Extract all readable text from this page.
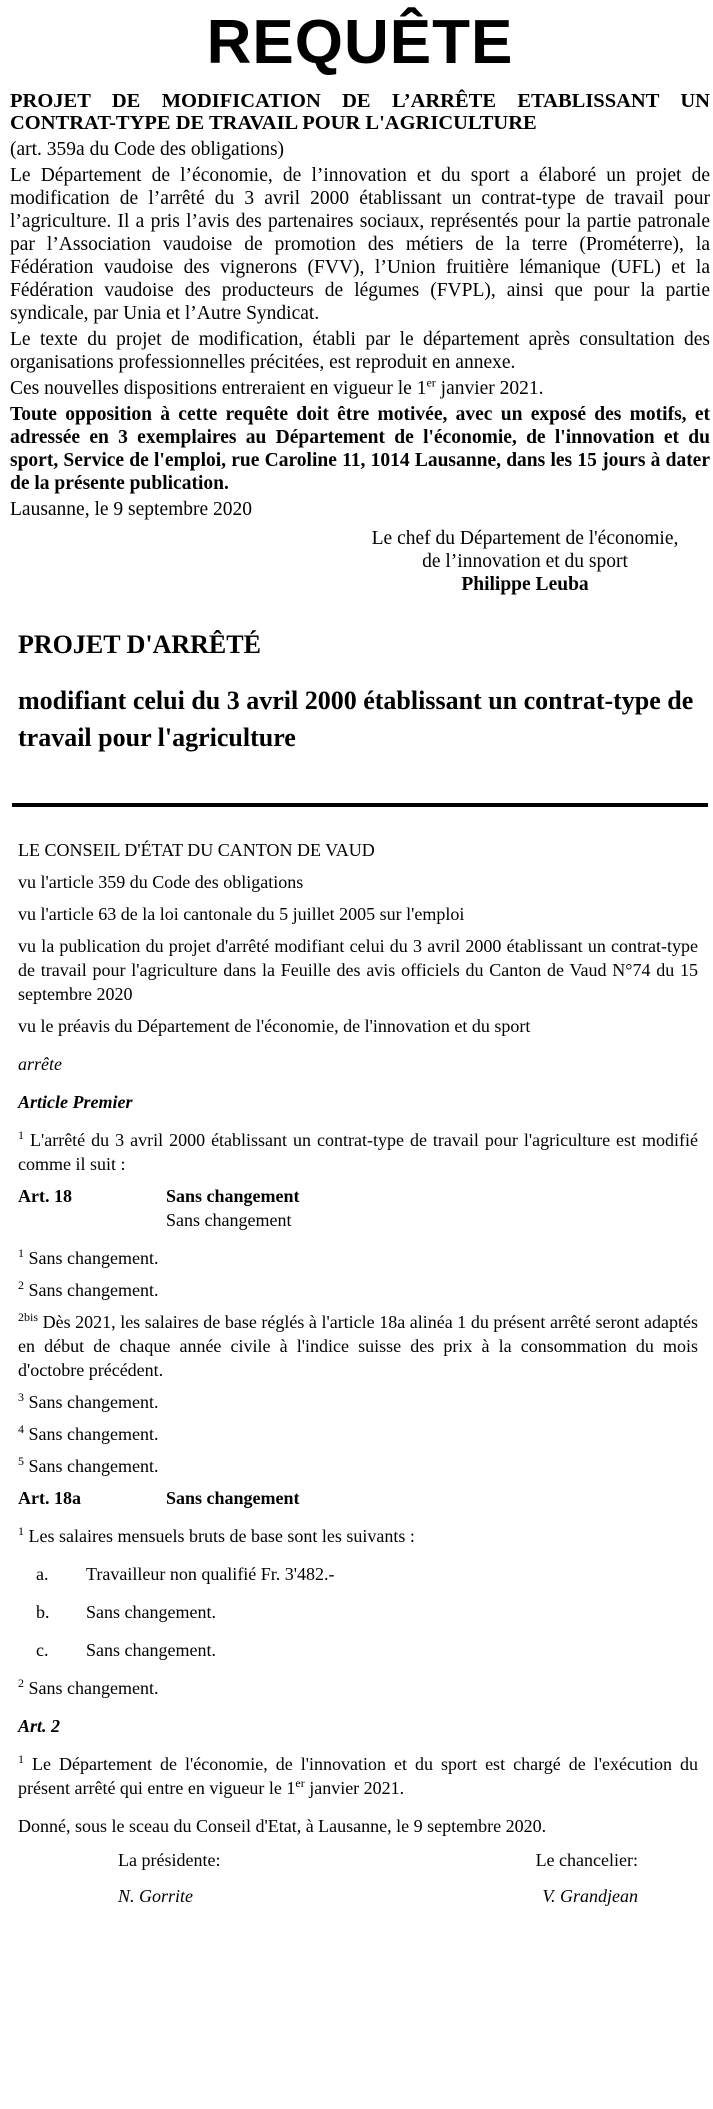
REQUÊTE
PROJET DE MODIFICATION DE L’ARRÊTE ETABLISSANT UN CONTRAT-TYPE DE TRAVAIL POUR L'AGRICULTURE
(art. 359a du Code des obligations)
Le Département de l’économie, de l’innovation et du sport a élaboré un projet de modification de l’arrêté du 3 avril 2000 établissant un contrat-type de travail pour l’agriculture. Il a pris l’avis des partenaires sociaux, représentés pour la partie patronale par l’Association vaudoise de promotion des métiers de la terre (Prométerre), la Fédération vaudoise des vignerons (FVV), l’Union fruitière lémanique (UFL) et la Fédération vaudoise des producteurs de légumes (FVPL), ainsi que pour la partie syndicale, par Unia et l’Autre Syndicat.
Le texte du projet de modification, établi par le département après consultation des organisations professionnelles précitées, est reproduit en annexe.
Ces nouvelles dispositions entreraient en vigueur le 1er janvier 2021.
Toute opposition à cette requête doit être motivée, avec un exposé des motifs, et adressée en 3 exemplaires au Département de l'économie, de l'innovation et du sport, Service de l'emploi, rue Caroline 11, 1014 Lausanne, dans les 15 jours à dater de la présente publication.
Lausanne, le 9 septembre 2020
Le chef du Département de l'économie,
de l’innovation et du sport
Philippe Leuba
PROJET D'ARRÊTÉ
modifiant celui du 3 avril 2000 établissant un contrat-type de travail pour l'agriculture
LE CONSEIL D'ÉTAT DU CANTON DE VAUD
vu l'article 359 du Code des obligations
vu l'article 63 de la loi cantonale du 5 juillet 2005 sur l'emploi
vu la publication du projet d'arrêté modifiant celui du 3 avril 2000 établissant un contrat-type de travail pour l'agriculture dans la Feuille des avis officiels du Canton de Vaud N°74 du 15 septembre 2020
vu le préavis du Département de l'économie, de l'innovation et du sport
arrête
Article Premier
$^1$ L'arrêté du 3 avril 2000 établissant un contrat-type de travail pour l'agriculture est modifié comme il suit :
Art. 18	Sans changement
Sans changement
$^1$ Sans changement.
$^2$ Sans changement.
$^{2bis}$ Dès 2021, les salaires de base réglés à l'article 18a alinéa 1 du présent arrêté seront adaptés en début de chaque année civile à l'indice suisse des prix à la consommation du mois d'octobre précédent.
$^3$ Sans changement.
$^4$ Sans changement.
$^5$ Sans changement.
Art. 18a	Sans changement
$^1$ Les salaires mensuels bruts de base sont les suivants :
a.	Travailleur non qualifié Fr. 3'482.-
b.	Sans changement.
c.	Sans changement.
$^2$ Sans changement.
Art. 2
$^1$ Le Département de l'économie, de l'innovation et du sport est chargé de l'exécution du présent arrêté qui entre en vigueur le 1er janvier 2021.
Donné, sous le sceau du Conseil d'Etat, à Lausanne, le 9 septembre 2020.
La présidente:	Le chancelier:
N. Gorrite	V. Grandjean
